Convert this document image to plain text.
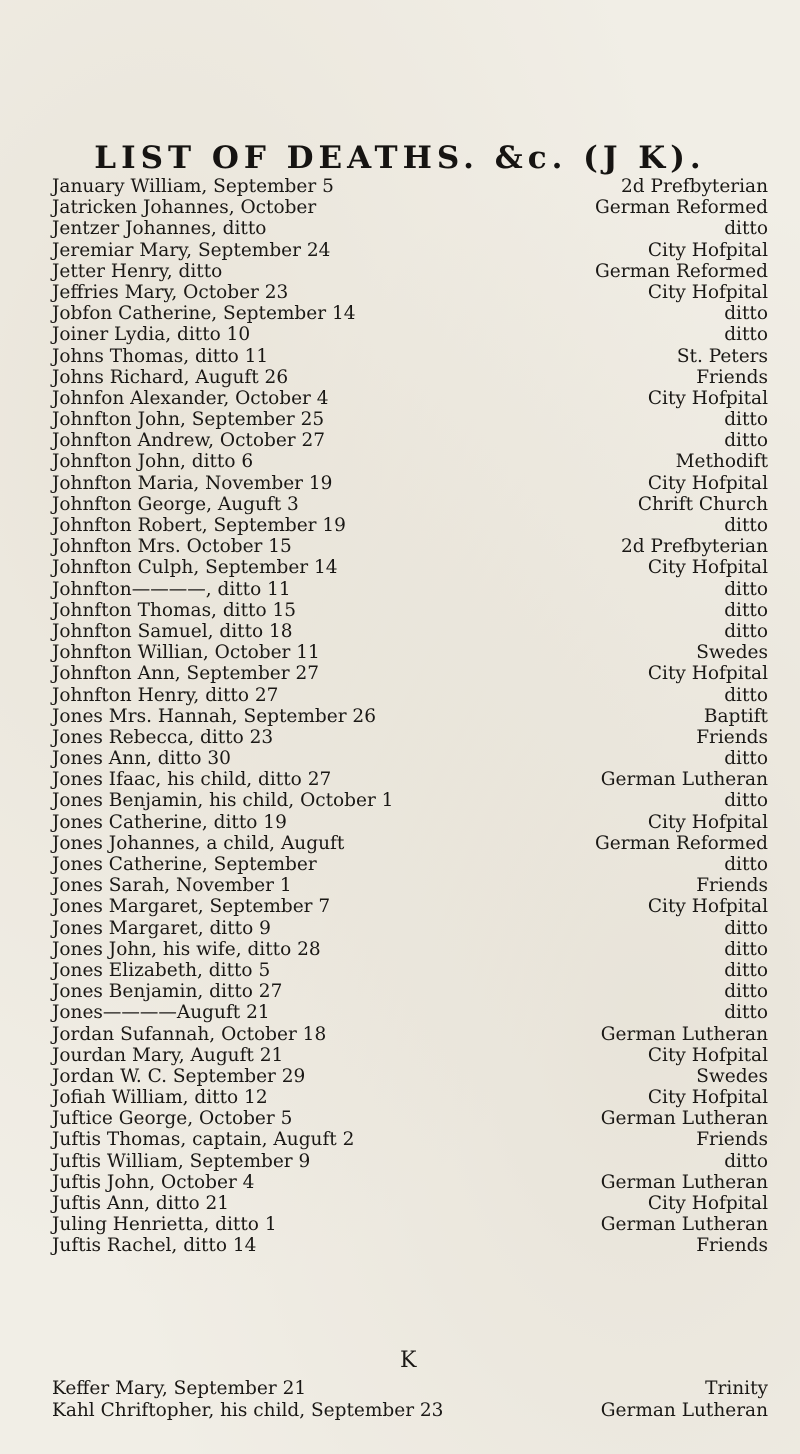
LIST OF DEATHS. &c. (J K).
January William, September 5	2d Prefbyterian
Jatricken Johannes, October	German Reformed
Jentzer Johannes, ditto	ditto
Jeremiar Mary, September 24	City Hofpital
Jetter Henry, ditto	German Reformed
Jeffries Mary, October 23	City Hofpital
Jobfon Catherine, September 14	ditto
Joiner Lydia, ditto 10	ditto
Johns Thomas, ditto 11	St. Peters
Johns Richard, Auguft 26	Friends
Johnfon Alexander, October 4	City Hofpital
Johnfton John, September 25	ditto
Johnfton Andrew, October 27	ditto
Johnfton John, ditto 6	Methodift
Johnfton Maria, November 19	City Hofpital
Johnfton George, Auguft 3	Chrift Church
Johnfton Robert, September 19	ditto
Johnfton Mrs. October 15	2d Prefbyterian
Johnfton Culph, September 14	City Hofpital
Johnfton————, ditto 11	ditto
Johnfton Thomas, ditto 15	ditto
Johnfton Samuel, ditto 18	ditto
Johnfton Willian, October 11	Swedes
Johnfton Ann, September 27	City Hofpital
Johnfton Henry, ditto 27	ditto
Jones Mrs. Hannah, September 26	Baptift
Jones Rebecca, ditto 23	Friends
Jones Ann, ditto 30	ditto
Jones Ifaac, his child, ditto 27	German Lutheran
Jones Benjamin, his child, October 1	ditto
Jones Catherine, ditto 19	City Hofpital
Jones Johannes, a child, Auguft	German Reformed
Jones Catherine, September	ditto
Jones Sarah, November 1	Friends
Jones Margaret, September 7	City Hofpital
Jones Margaret, ditto 9	ditto
Jones John, his wife, ditto 28	ditto
Jones Elizabeth, ditto 5	ditto
Jones Benjamin, ditto 27	ditto
Jones————Auguft 21	ditto
Jordan Sufannah, October 18	German Lutheran
Jourdan Mary, Auguft 21	City Hofpital
Jordan W. C. September 29	Swedes
Jofiah William, ditto 12	City Hofpital
Juftice George, October 5	German Lutheran
Juftis Thomas, captain, Auguft 2	Friends
Juftis William, September 9	ditto
Juftis John, October 4	German Lutheran
Juftis Ann, ditto 21	City Hofpital
Juling Henrietta, ditto 1	German Lutheran
Juftis Rachel, ditto 14	Friends
K
Keffer Mary, September 21	Trinity
Kahl Chriftopher, his child, September 23	German Lutheran
